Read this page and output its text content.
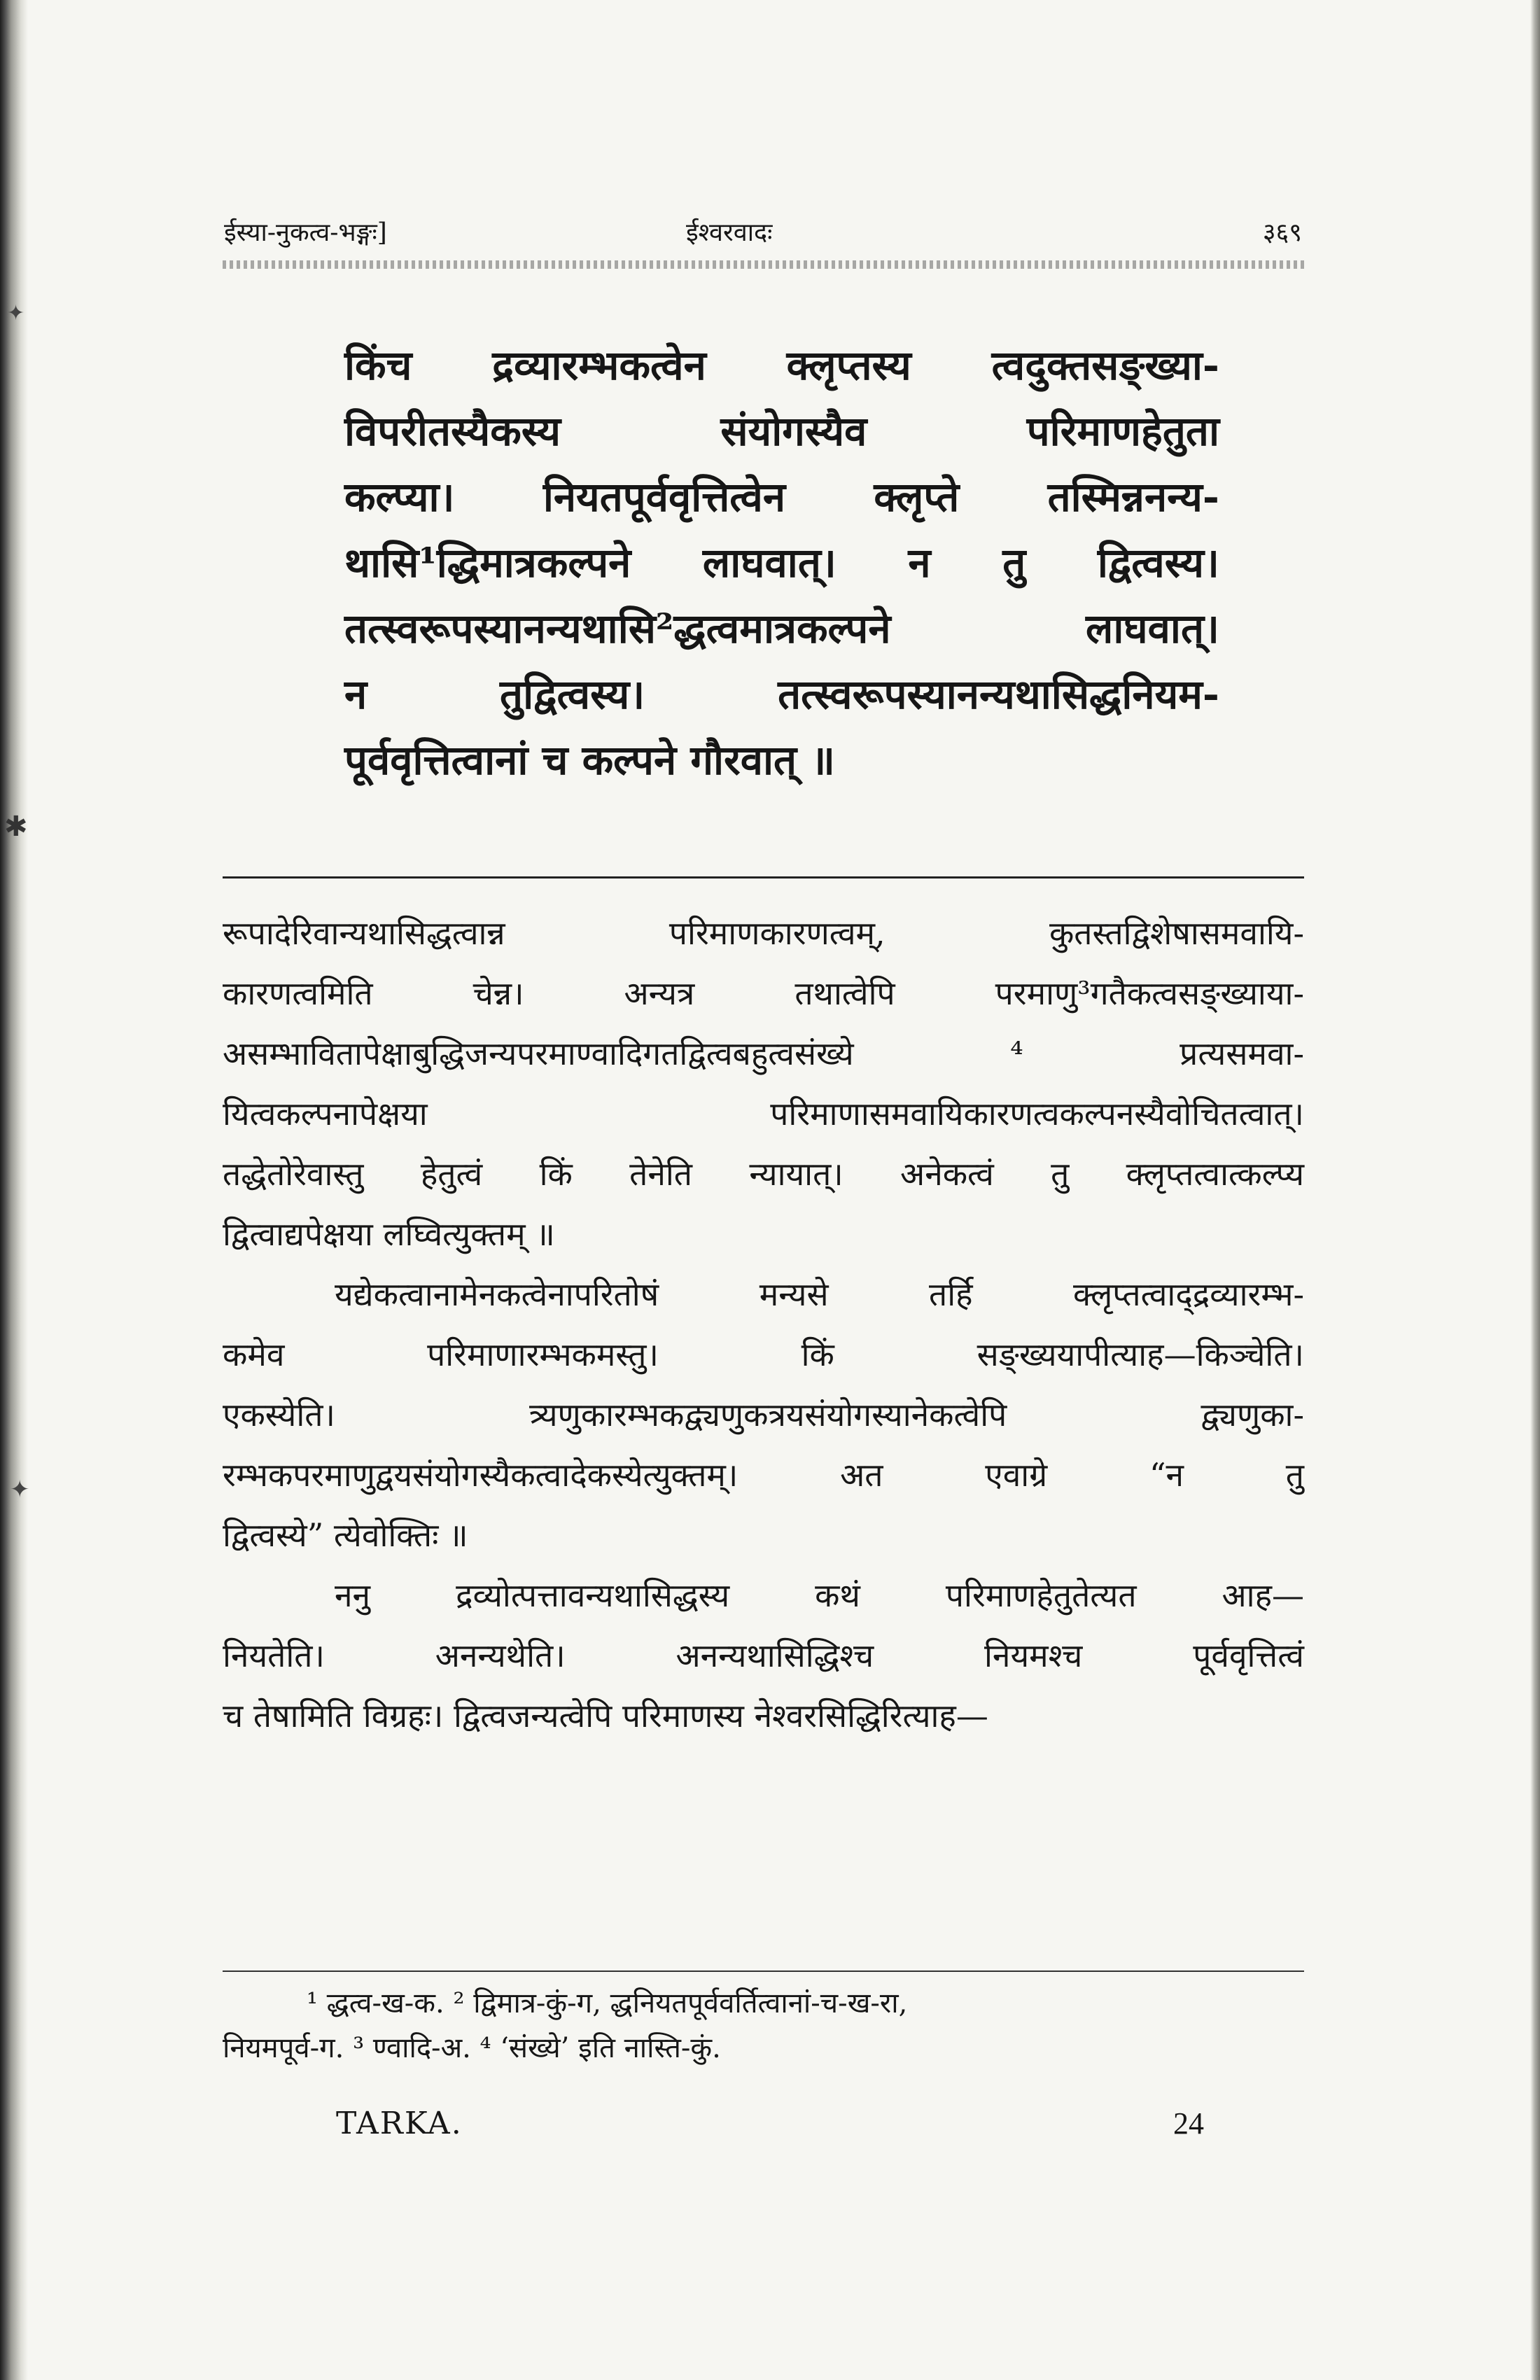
✦
✱
✦
ईस्या-नुकत्व-भङ्गः]	ईश्वरवादः	३६९

किंच द्रव्यारम्भकत्वेन क्लृप्तस्य त्वदुक्तसङ्ख्या-

विपरीतस्यैकस्य संयोगस्यैव परिमाणहेतुता

कल्प्या। नियतपूर्ववृत्तित्वेन क्लृप्ते तस्मिन्ननन्य-

थासि¹द्धिमात्रकल्पने लाघवात्। न तु द्वित्वस्य।

तत्स्वरूपस्यानन्यथासि²द्धत्वमात्रकल्पने लाघवात्।

न तुद्वित्वस्य। तत्स्वरूपस्यानन्यथासिद्धनियम-

पूर्ववृत्तित्वानां च कल्पने गौरवात् ॥

रूपादेरिवान्यथासिद्धत्वान्न परिमाणकारणत्वम्, कुतस्तद्विशेषासमवायि-

कारणत्वमिति चेन्न। अन्यत्र तथात्वेपि परमाणु³गतैकत्वसङ्ख्याया-

असम्भावितापेक्षाबुद्धिजन्यपरमाण्वादिगतद्वित्वबहुत्वसंख्ये ⁴ प्रत्यसमवा-

यित्वकल्पनापेक्षया परिमाणासमवायिकारणत्वकल्पनस्यैवोचितत्वात्।

तद्धेतोरेवास्तु हेतुत्वं किं तेनेति न्यायात्। अनेकत्वं तु क्लृप्तत्वात्कल्प्य

द्वित्वाद्यपेक्षया लघ्वित्युक्तम् ॥

यद्येकत्वानामेनकत्वेनापरितोषं मन्यसे तर्हि क्लृप्तत्वाद्द्रव्यारम्भ-

कमेव परिमाणारम्भकमस्तु। किं सङ्ख्ययापीत्याह—किञ्चेति।

एकस्येति। त्र्यणुकारम्भकद्व्यणुकत्रयसंयोगस्यानेकत्वेपि द्व्यणुका-

रम्भकपरमाणुद्वयसंयोगस्यैकत्वादेकस्येत्युक्तम्। अत एवाग्रे “न तु

द्वित्वस्ये” त्येवोक्तिः ॥

ननु द्रव्योत्पत्तावन्यथासिद्धस्य कथं परिमाणहेतुतेत्यत आह—

नियतेति। अनन्यथेति। अनन्यथासिद्धिश्च नियमश्च पूर्ववृत्तित्वं

च तेषामिति विग्रहः। द्वित्वजन्यत्वेपि परिमाणस्य नेश्वरसिद्धिरित्याह—

¹ द्धत्व-ख-क. ² द्विमात्र-कुं-ग, द्धनियतपूर्ववर्तित्वानां-च-ख-रा,

नियमपूर्व-ग. ³ ण्वादि-अ. ⁴ ‘संख्ये’ इति नास्ति-कुं.

TARKA.	24
